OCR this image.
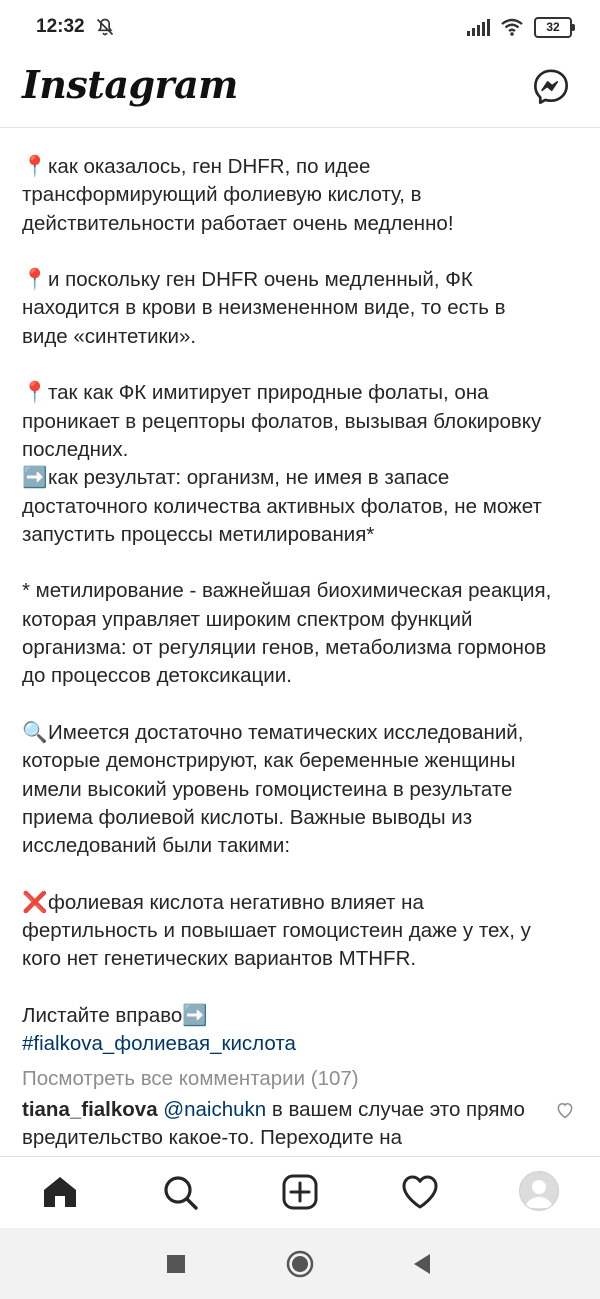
12:32	32
Instagram
📍как оказалось, ген DHFR, по идее
трансформирующий фолиевую кислоту, в
действительности работает очень медленно!
📍и поскольку ген DHFR очень медленный, ФК
находится в крови в неизмененном виде, то есть в
виде «синтетики».
📍так как ФК имитирует природные фолаты, она
проникает в рецепторы фолатов, вызывая блокировку
последних.
➡️как результат: организм, не имея в запасе
достаточного количества активных фолатов, не может
запустить процессы метилирования*
* метилирование - важнейшая биохимическая реакция,
которая управляет широким спектром функций
организма: от регуляции генов, метаболизма гормонов
до процессов детоксикации.
🔍Имеется достаточно тематических исследований,
которые демонстрируют, как беременные женщины
имели высокий уровень гомоцистеина в результате
приема фолиевой кислоты. Важные выводы из
исследований были такими:
❌фолиевая кислота негативно влияет на
фертильность и повышает гомоцистеин даже у тех, у
кого нет генетических вариантов MTHFR.
Листайте вправо➡️
#fialkova_фолиевая_кислота
Посмотреть все комментарии (107)
tiana_fialkova @naichukn в вашем случае это прямо
вредительство какое-то. Переходите на
